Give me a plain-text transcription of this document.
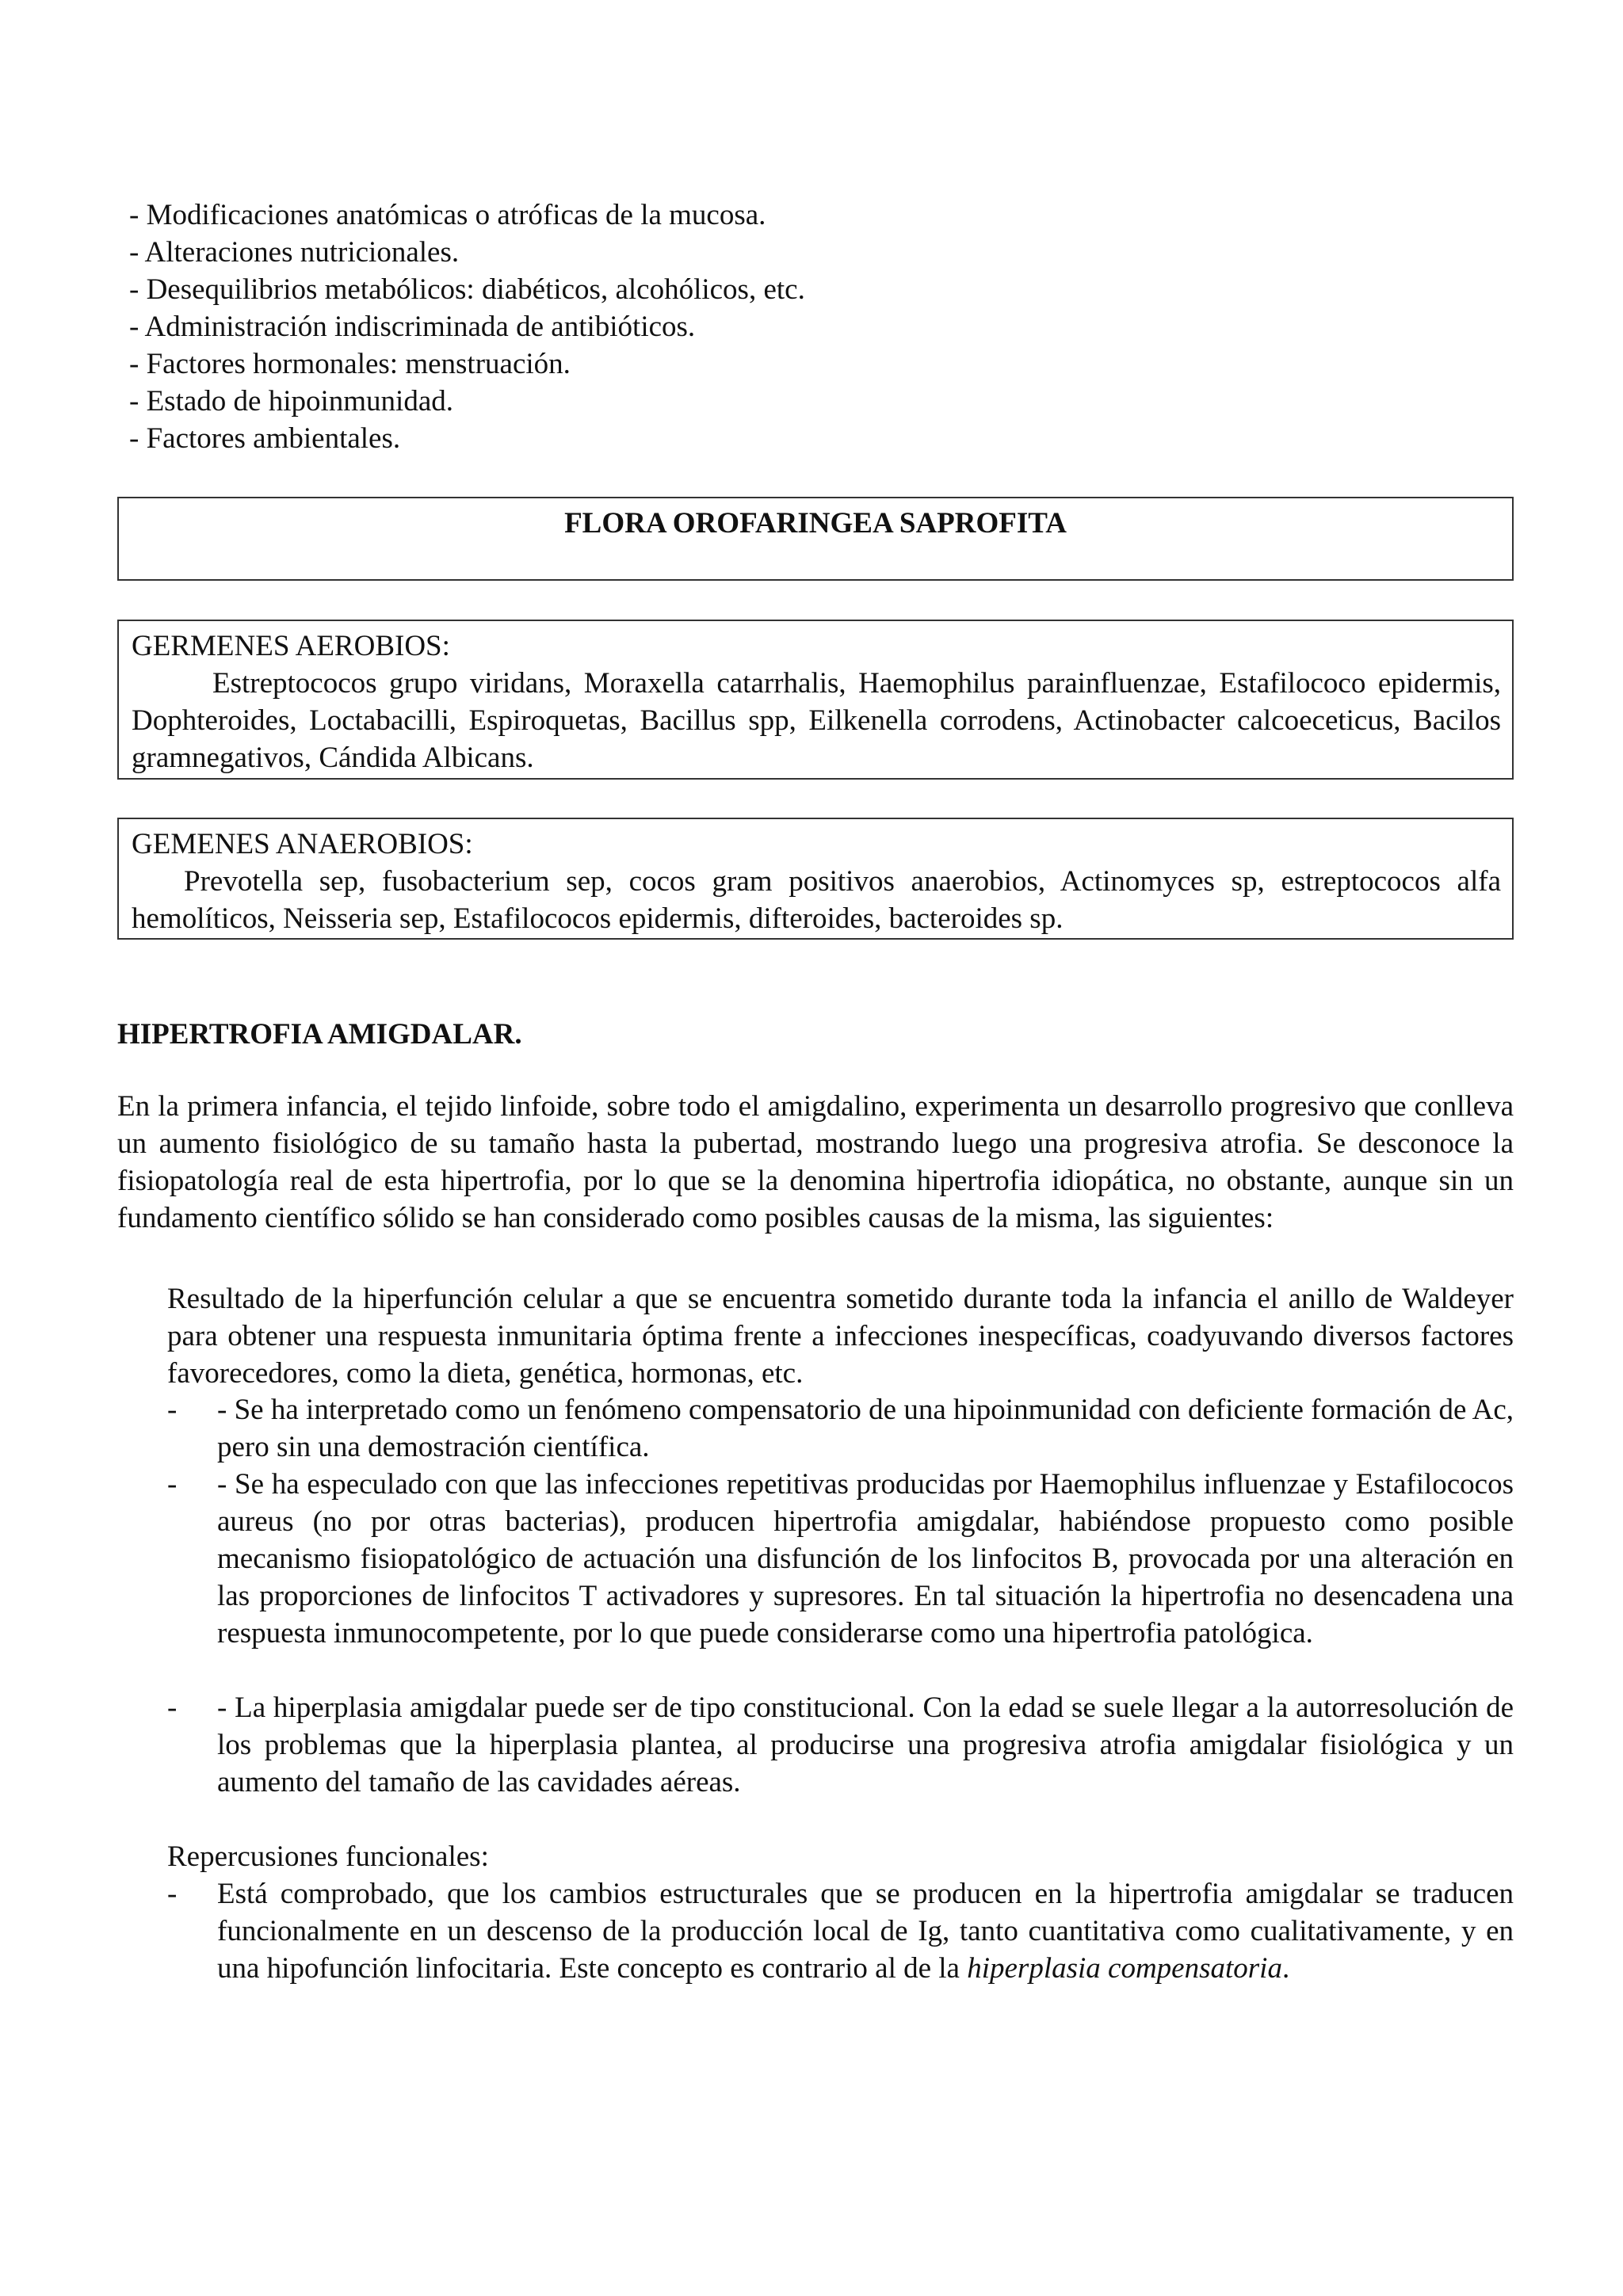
- Modificaciones anatómicas o atróficas de la mucosa.
- Alteraciones nutricionales.
- Desequilibrios metabólicos: diabéticos, alcohólicos, etc.
- Administración indiscriminada de antibióticos.
- Factores hormonales: menstruación.
- Estado de hipoinmunidad.
- Factores ambientales.
FLORA OROFARINGEA SAPROFITA
GERMENES AEROBIOS:

Estreptococos grupo viridans, Moraxella catarrhalis, Haemophilus parainfluenzae, Estafilococo epidermis, Dophteroides, Loctabacilli, Espiroquetas, Bacillus spp, Eilkenella corrodens, Actinobacter calcoeceticus, Bacilos gramnegativos, Cándida Albicans.

GEMENES ANAEROBIOS:

Prevotella sep, fusobacterium sep, cocos gram positivos anaerobios, Actinomyces sp, estreptococos alfa hemolíticos, Neisseria sep, Estafilococos epidermis, difteroides, bacteroides sp.

HIPERTROFIA AMIGDALAR.

En la primera infancia, el tejido linfoide, sobre todo el amigdalino, experimenta un desarrollo progresivo que conlleva un aumento fisiológico de su tamaño hasta la pubertad, mostrando luego una progresiva atrofia. Se desconoce la fisiopatología real de esta hipertrofia, por lo que se la denomina hipertrofia idiopática, no obstante, aunque sin un fundamento científico sólido se han considerado como posibles causas de la misma, las siguientes:

Resultado de la hiperfunción celular a que se encuentra sometido durante toda la infancia el anillo de Waldeyer para obtener una respuesta inmunitaria óptima frente a infecciones inespecíficas, coadyuvando diversos factores favorecedores, como la dieta, genética, hormonas, etc.

- - Se ha interpretado como un fenómeno compensatorio de una hipoinmunidad con deficiente formación de Ac, pero sin una demostración científica.

- - Se ha especulado con que las infecciones repetitivas producidas por Haemophilus influenzae y Estafilococos aureus (no por otras bacterias), producen hipertrofia amigdalar, habiéndose propuesto como posible mecanismo fisiopatológico de actuación una disfunción de los linfocitos B, provocada por una alteración en las proporciones de linfocitos T activadores y supresores. En tal situación la hipertrofia no desencadena una respuesta inmunocompetente, por lo que puede considerarse como una hipertrofia patológica.

- - La hiperplasia amigdalar puede ser de tipo constitucional. Con la edad se suele llegar a la autorresolución de los problemas que la hiperplasia plantea, al producirse una progresiva atrofia amigdalar fisiológica y un aumento del tamaño de las cavidades aéreas.

Repercusiones funcionales:

- Está comprobado, que los cambios estructurales que se producen en la hipertrofia amigdalar se traducen funcionalmente en un descenso de la producción local de Ig, tanto cuantitativa como cualitativamente, y en una hipofunción linfocitaria. Este concepto es contrario al de la hiperplasia compensatoria.
